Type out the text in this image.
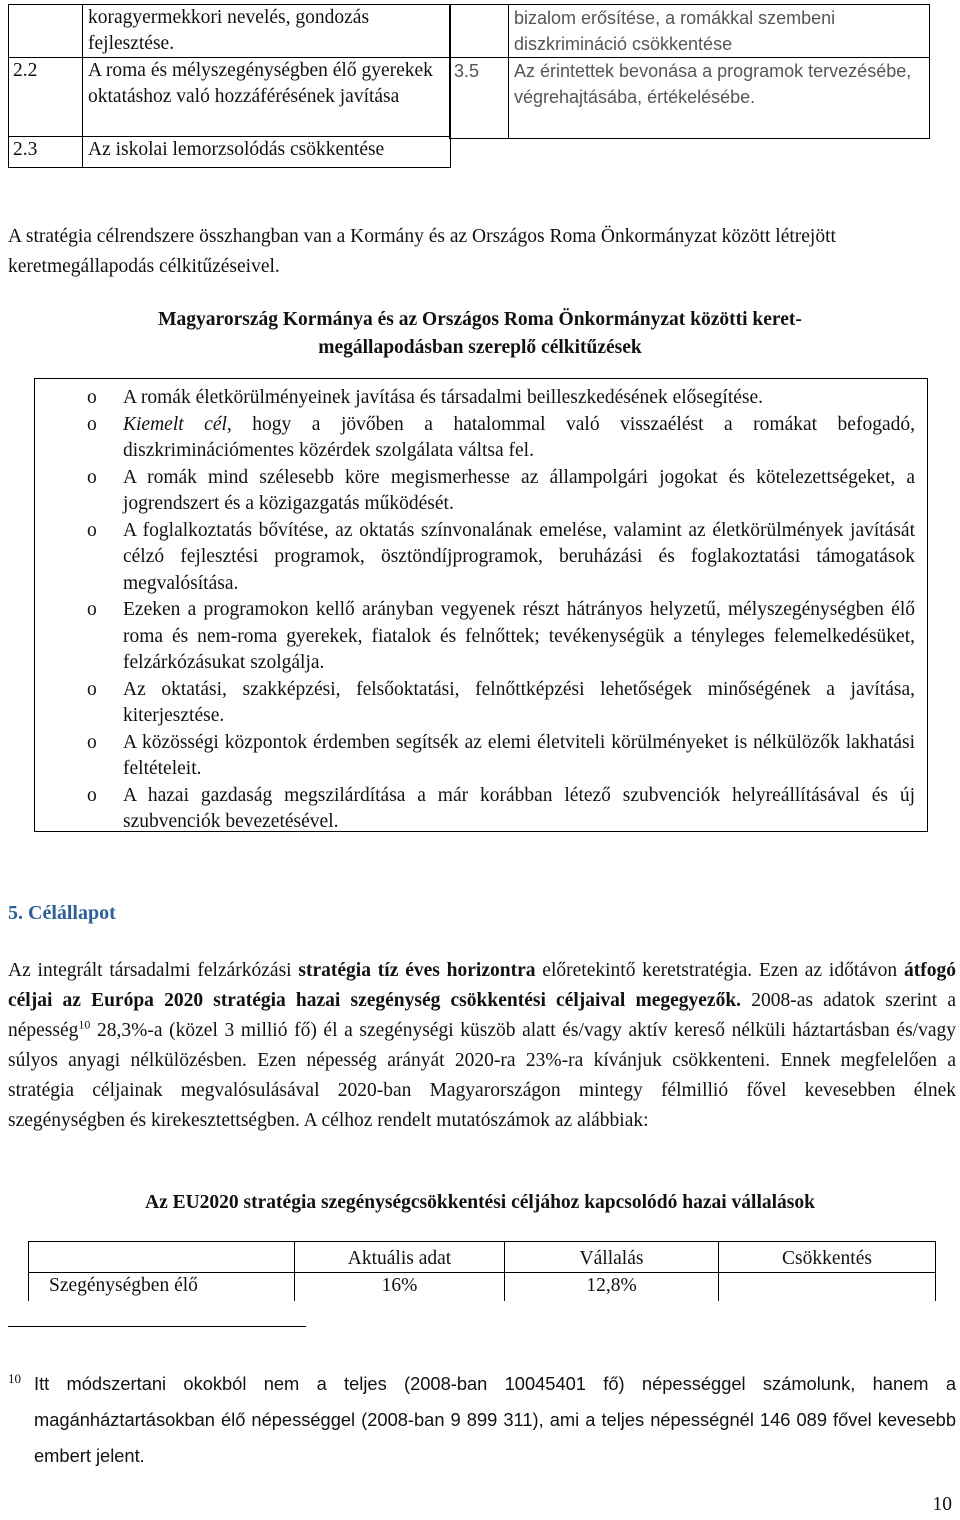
	koragyermekkori nevelés, gondozás fejlesztése.
2.2	A roma és mélyszegénységben élő gyerekek oktatáshoz való hozzáférésének javítása
2.3	Az iskolai lemorzsolódás csökkentése
	bizalom erősítése, a romákkal szembeni diszkrimináció csökkentése
3.5	Az érintettek bevonása a programok tervezésébe, végrehajtásába, értékelésébe.
A stratégia célrendszere összhangban van a Kormány és az Országos Roma Önkormányzat között létrejött keretmegállapodás célkitűzéseivel.
Magyarország Kormánya és az Országos Roma Önkormányzat közötti keret-
megállapodásban szereplő célkitűzések
o A romák életkörülményeinek javítása és társadalmi beilleszkedésének elősegítése.
o Kiemelt cél, hogy a jövőben a hatalommal való visszaélést a romákat befogadó, diszkriminációmentes közérdek szolgálata váltsa fel.
o A romák mind szélesebb köre megismerhesse az állampolgári jogokat és kötelezettségeket, a jogrendszert és a közigazgatás működését.
o A foglalkoztatás bővítése, az oktatás színvonalának emelése, valamint az életkörülmények javítását célzó fejlesztési programok, ösztöndíjprogramok, beruházási és foglakoztatási támogatások megvalósítása.
o Ezeken a programokon kellő arányban vegyenek részt hátrányos helyzetű, mélyszegénységben élő roma és nem-roma gyerekek, fiatalok és felnőttek; tevékenységük a tényleges felemelkedésüket, felzárkózásukat szolgálja.
o Az oktatási, szakképzési, felsőoktatási, felnőttképzési lehetőségek minőségének a javítása, kiterjesztése.
o A közösségi központok érdemben segítsék az elemi életviteli körülményeket is nélkülözők lakhatási feltételeit.
o A hazai gazdaság megszilárdítása a már korábban létező szubvenciók helyreállításával és új szubvenciók bevezetésével.
5. Célállapot
Az integrált társadalmi felzárkózási stratégia tíz éves horizontra előretekintő keretstratégia. Ezen az időtávon átfogó céljai az Európa 2020 stratégia hazai szegénység csökkentési céljaival megegyezők. 2008-as adatok szerint a népesség$^{10}$ 28,3%-a (közel 3 millió fő) él a szegénységi küszöb alatt és/vagy aktív kereső nélküli háztartásban és/vagy súlyos anyagi nélkülözésben. Ezen népesség arányát 2020-ra 23%-ra kívánjuk csökkenteni. Ennek megfelelően a stratégia céljainak megvalósulásával 2020-ban Magyarországon mintegy félmillió fővel kevesebben élnek szegénységben és kirekesztettségben. A célhoz rendelt mutatószámok az alábbiak:
Az EU2020 stratégia szegénységcsökkentési céljához kapcsolódó hazai vállalások
	Aktuális adat	Vállalás	Csökkentés
Szegénységben élő	16%	12,8%	
$^{10}$ Itt módszertani okokból nem a teljes (2008-ban 10045401 fő) népességgel számolunk, hanem a magánháztartásokban élő népességgel (2008-ban 9 899 311), ami a teljes népességnél 146 089 fővel kevesebb embert jelent.
10
